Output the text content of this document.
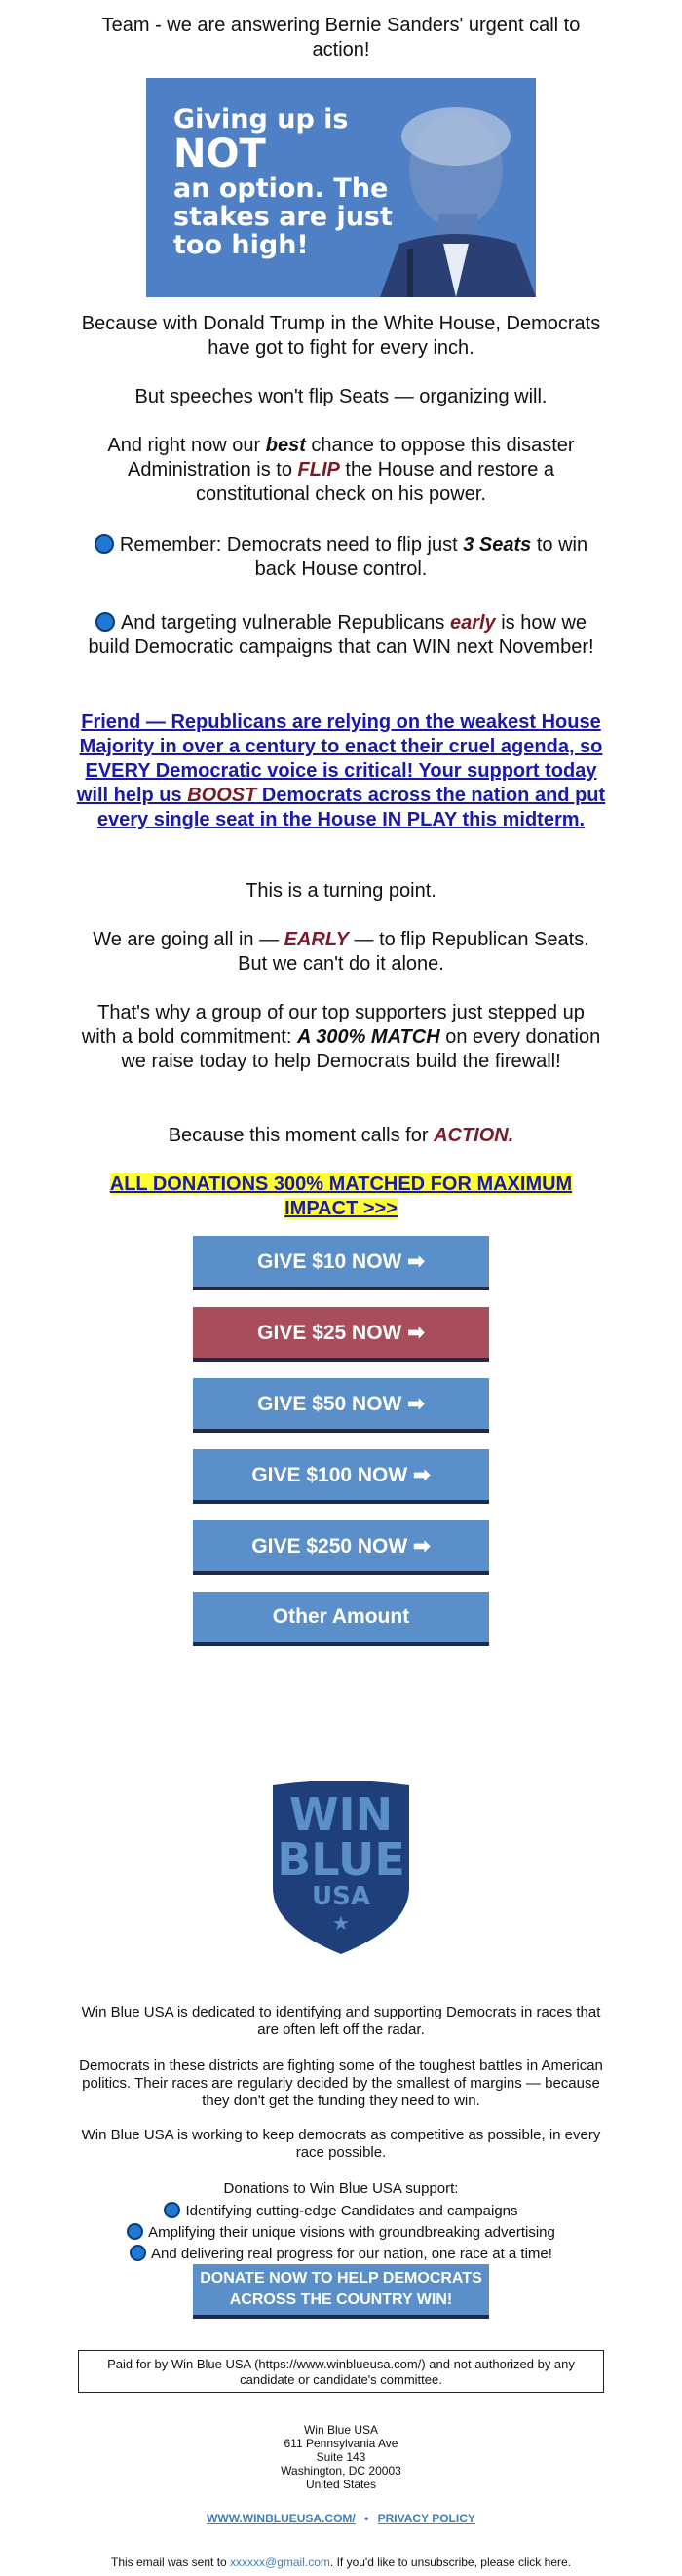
Team - we are answering Bernie Sanders' urgent call to action!

Giving up is
NOT
an option. The
stakes are just
too high!

Because with Donald Trump in the White House, Democrats have got to fight for every inch.

But speeches won't flip Seats — organizing will.

And right now our best chance to oppose this disaster Administration is to FLIP the House and restore a constitutional check on his power.

Remember: Democrats need to flip just 3 Seats to win back House control.

And targeting vulnerable Republicans early is how we build Democratic campaigns that can WIN next November!

Friend — Republicans are relying on the weakest House Majority in over a century to enact their cruel agenda, so EVERY Democratic voice is critical! Your support today will help us BOOST Democrats across the nation and put every single seat in the House IN PLAY this midterm.

This is a turning point.

We are going all in — EARLY — to flip Republican Seats. But we can't do it alone.

That's why a group of our top supporters just stepped up with a bold commitment: A 300% MATCH on every donation we raise today to help Democrats build the firewall!

Because this moment calls for ACTION.

ALL DONATIONS 300% MATCHED FOR MAXIMUM IMPACT >>>
GIVE $10 NOW ➡
GIVE $25 NOW ➡
GIVE $50 NOW ➡
GIVE $100 NOW ➡
GIVE $250 NOW ➡
Other Amount
WIN
BLUE
USA
★

Win Blue USA is dedicated to identifying and supporting Democrats in races that are often left off the radar.

Democrats in these districts are fighting some of the toughest battles in American politics. Their races are regularly decided by the smallest of margins — because they don't get the funding they need to win.

Win Blue USA is working to keep democrats as competitive as possible, in every race possible.

Donations to Win Blue USA support:

Identifying cutting-edge Candidates and campaigns

Amplifying their unique visions with groundbreaking advertising

And delivering real progress for our nation, one race at a time!

DONATE NOW TO HELP DEMOCRATS ACROSS THE COUNTRY WIN!
Paid for by Win Blue USA (https://www.winblueusa.com/) and not authorized by any candidate or candidate's committee.
Win Blue USA
611 Pennsylvania Ave
Suite 143
Washington, DC 20003
United States
WWW.WINBLUEUSA.COM/ • PRIVACY POLICY

This email was sent to xxxxxx@gmail.com. If you'd like to unsubscribe, please click here.
